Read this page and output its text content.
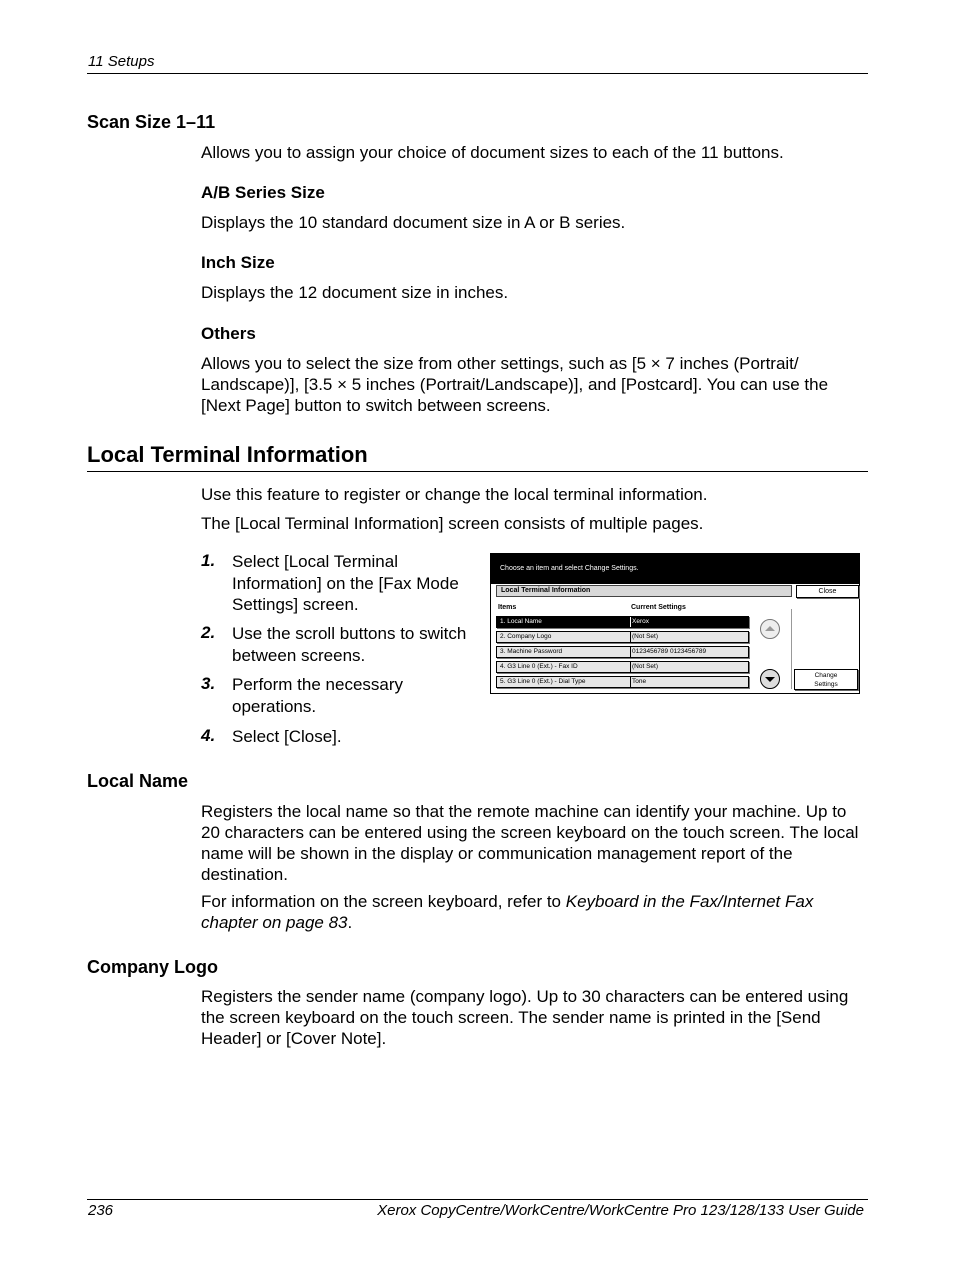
11 Setups
Scan Size 1–11
Allows you to assign your choice of document sizes to each of the 11 buttons.
A/B Series Size
Displays the 10 standard document size in A or B series.
Inch Size
Displays the 12 document size in inches.
Others
Allows you to select the size from other settings, such as [5 × 7 inches (Portrait/ Landscape)], [3.5 × 5 inches (Portrait/Landscape)], and [Postcard]. You can use the [Next Page] button to switch between screens.
Local Terminal Information
Use this feature to register or change the local terminal information.
The [Local Terminal Information] screen consists of multiple pages.
1. Select [Local Terminal Information] on the [Fax Mode Settings] screen.
2. Use the scroll buttons to switch between screens.
3. Perform the necessary operations.
4. Select [Close].
Choose an item and select Change Settings.
Local Terminal Information	Close
Items	Current Settings
1. Local Name	Xerox
2. Company Logo	(Not Set)
3. Machine Password	0123456789 0123456789
4. G3 Line 0 (Ext.) - Fax ID	(Not Set)
5. G3 Line 0 (Ext.) - Dial Type	Tone
Change
Settings
Local Name
Registers the local name so that the remote machine can identify your machine. Up to 20 characters can be entered using the screen keyboard on the touch screen. The local name will be shown in the display or communication management report of the destination.
For information on the screen keyboard, refer to Keyboard in the Fax/Internet Fax chapter on page 83.
Company Logo
Registers the sender name (company logo). Up to 30 characters can be entered using the screen keyboard on the touch screen. The sender name is printed in the [Send Header] or [Cover Note].
236	Xerox CopyCentre/WorkCentre/WorkCentre Pro 123/128/133 User Guide
